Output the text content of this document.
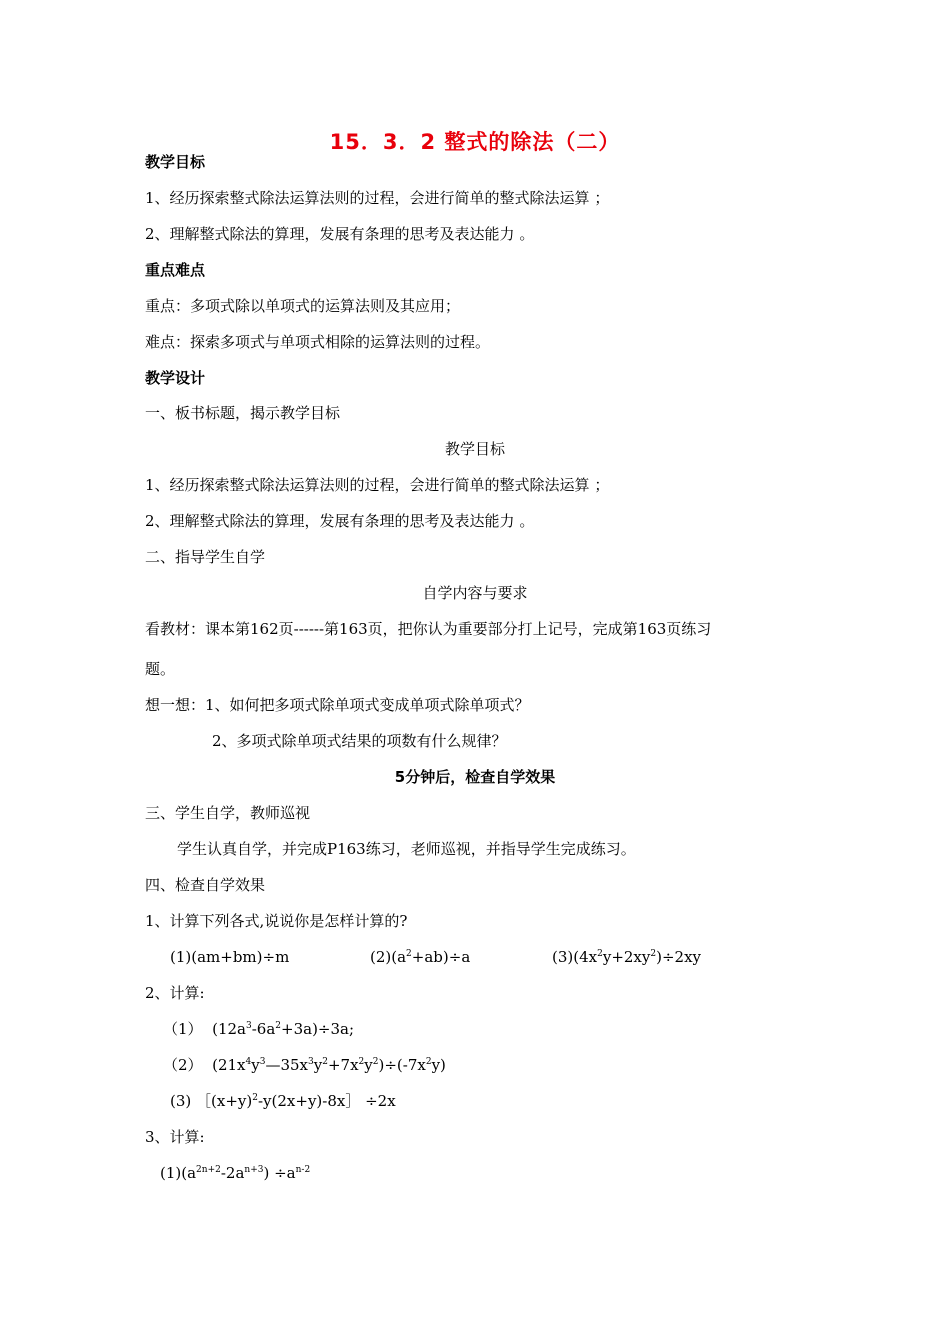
15．3．2 整式的除法（二）
教学目标
1、经历探索整式除法运算法则的过程，会进行简单的整式除法运算 ；
2、理解整式除法的算理，发展有条理的思考及表达能力 。
重点难点
重点：多项式除以单项式的运算法则及其应用；
难点：探索多项式与单项式相除的运算法则的过程。
教学设计
一、板书标题，揭示教学目标
教学目标
1、经历探索整式除法运算法则的过程，会进行简单的整式除法运算 ；
2、理解整式除法的算理，发展有条理的思考及表达能力 。
二、指导学生自学
自学内容与要求
看教材：课本第162页------第163页，把你认为重要部分打上记号，完成第163页练习
题。
想一想：1、如何把多项式除单项式变成单项式除单项式？
2、多项式除单项式结果的项数有什么规律？
5分钟后，检查自学效果
三、学生自学，教师巡视
学生认真自学，并完成P163练习，老师巡视，并指导学生完成练习。
四、检查自学效果
1、计算下列各式,说说你是怎样计算的?
(1)(am+bm)÷m	$(2)(a^2+ab)\div a$	$(3)(4x^2y+2xy^2)\div 2xy$
2、计算:
（1） $(12a^3-6a^2+3a)\div 3a$;
（2） $(21x^4y^3—35x^3y^2+7x^2y^2)\div(-7x^2y)$
(3) $[(x+y)^2-y(2x+y)-8x] \div 2x$
3、计算:
$(1)(a^{2n+2}-2a^{n+3}) \div a^{n-2}$
